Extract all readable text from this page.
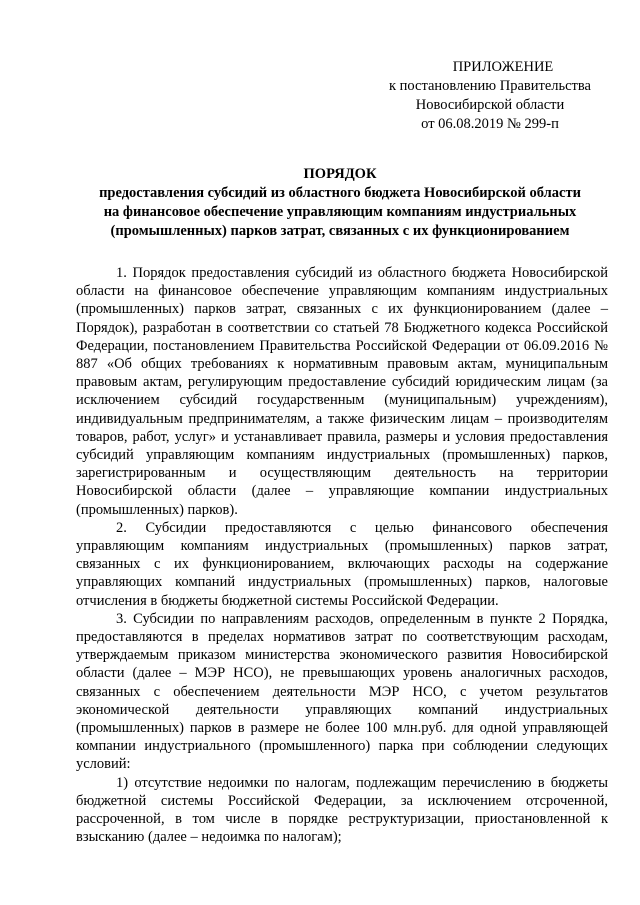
ПРИЛОЖЕНИЕ
к постановлению Правительства
Новосибирской области
от 06.08.2019 № 299-п
ПОРЯДОК
предоставления субсидий из областного бюджета Новосибирской области
на финансовое обеспечение управляющим компаниям индустриальных
(промышленных) парков затрат, связанных с их функционированием

1. Порядок предоставления субсидий из областного бюджета Новосибирской области на финансовое обеспечение управляющим компаниям индустриальных (промышленных) парков затрат, связанных с их функционированием (далее – Порядок), разработан в соответствии со статьей 78 Бюджетного кодекса Российской Федерации, постановлением Правительства Российской Федерации от 06.09.2016 № 887 «Об общих требованиях к нормативным правовым актам, муниципальным правовым актам, регулирующим предоставление субсидий юридическим лицам (за исключением субсидий государственным (муниципальным) учреждениям), индивидуальным предпринимателям, а также физическим лицам – производителям товаров, работ, услуг» и устанавливает правила, размеры и условия предоставления субсидий управляющим компаниям индустриальных (промышленных) парков, зарегистрированным и осуществляющим деятельность на территории Новосибирской области (далее – управляющие компании индустриальных (промышленных) парков).

2. Субсидии предоставляются с целью финансового обеспечения управляющим компаниям индустриальных (промышленных) парков затрат, связанных с их функционированием, включающих расходы на содержание управляющих компаний индустриальных (промышленных) парков, налоговые отчисления в бюджеты бюджетной системы Российской Федерации.

3. Субсидии по направлениям расходов, определенным в пункте 2 Порядка, предоставляются в пределах нормативов затрат по соответствующим расходам, утверждаемым приказом министерства экономического развития Новосибирской области (далее – МЭР НСО), не превышающих уровень аналогичных расходов, связанных с обеспечением деятельности МЭР НСО, с учетом результатов экономической деятельности управляющих компаний индустриальных (промышленных) парков в размере не более 100 млн.руб. для одной управляющей компании индустриального (промышленного) парка при соблюдении следующих условий:

1) отсутствие недоимки по налогам, подлежащим перечислению в бюджеты бюджетной системы Российской Федерации, за исключением отсроченной, рассроченной, в том числе в порядке реструктуризации, приостановленной к взысканию (далее – недоимка по налогам);
